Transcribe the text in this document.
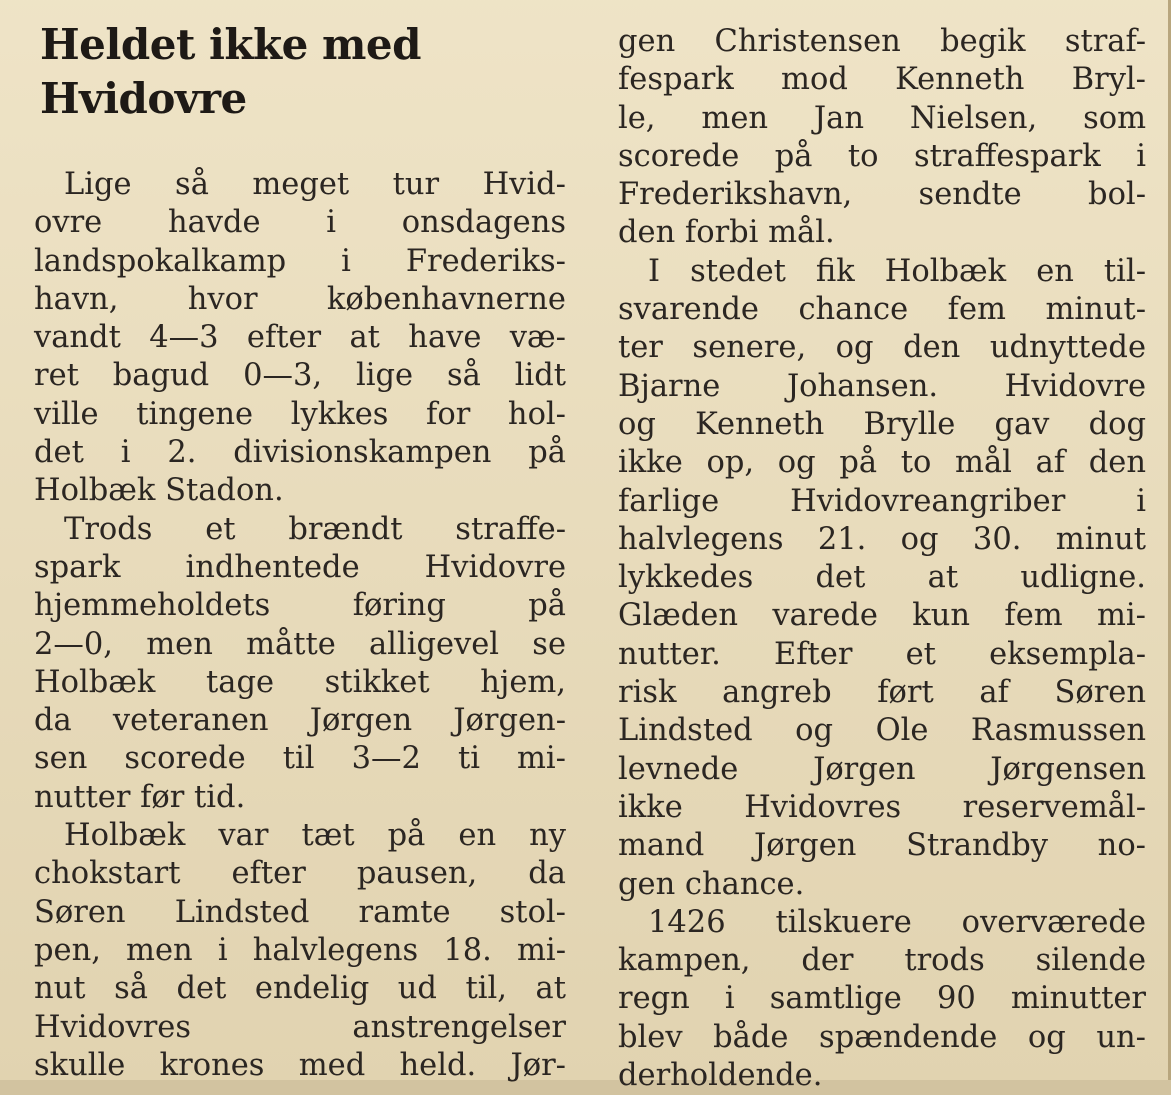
Heldet ikke med
Hvidovre
Lige så meget tur Hvid-
ovre havde i onsdagens
landspokalkamp i Frederiks-
havn, hvor københavnerne
vandt 4—3 efter at have væ-
ret bagud 0—3, lige så lidt
ville tingene lykkes for hol-
det i 2. divisionskampen på
Holbæk Stadon.
Trods et brændt straffe-
spark indhentede Hvidovre
hjemmeholdets føring på
2—0, men måtte alligevel se
Holbæk tage stikket hjem,
da veteranen Jørgen Jørgen-
sen scorede til 3—2 ti mi-
nutter før tid.
Holbæk var tæt på en ny
chokstart efter pausen, da
Søren Lindsted ramte stol-
pen, men i halvlegens 18. mi-
nut så det endelig ud til, at
Hvidovres anstrengelser
skulle krones med held. Jør-
gen Christensen begik straf-
fespark mod Kenneth Bryl-
le, men Jan Nielsen, som
scorede på to straffespark i
Frederikshavn, sendte bol-
den forbi mål.
I stedet fik Holbæk en til-
svarende chance fem minut-
ter senere, og den udnyttede
Bjarne Johansen. Hvidovre
og Kenneth Brylle gav dog
ikke op, og på to mål af den
farlige Hvidovreangriber i
halvlegens 21. og 30. minut
lykkedes det at udligne.
Glæden varede kun fem mi-
nutter. Efter et eksempla-
risk angreb ført af Søren
Lindsted og Ole Rasmussen
levnede Jørgen Jørgensen
ikke Hvidovres reservemål-
mand Jørgen Strandby no-
gen chance.
1426 tilskuere overværede
kampen, der trods silende
regn i samtlige 90 minutter
blev både spændende og un-
derholdende.
